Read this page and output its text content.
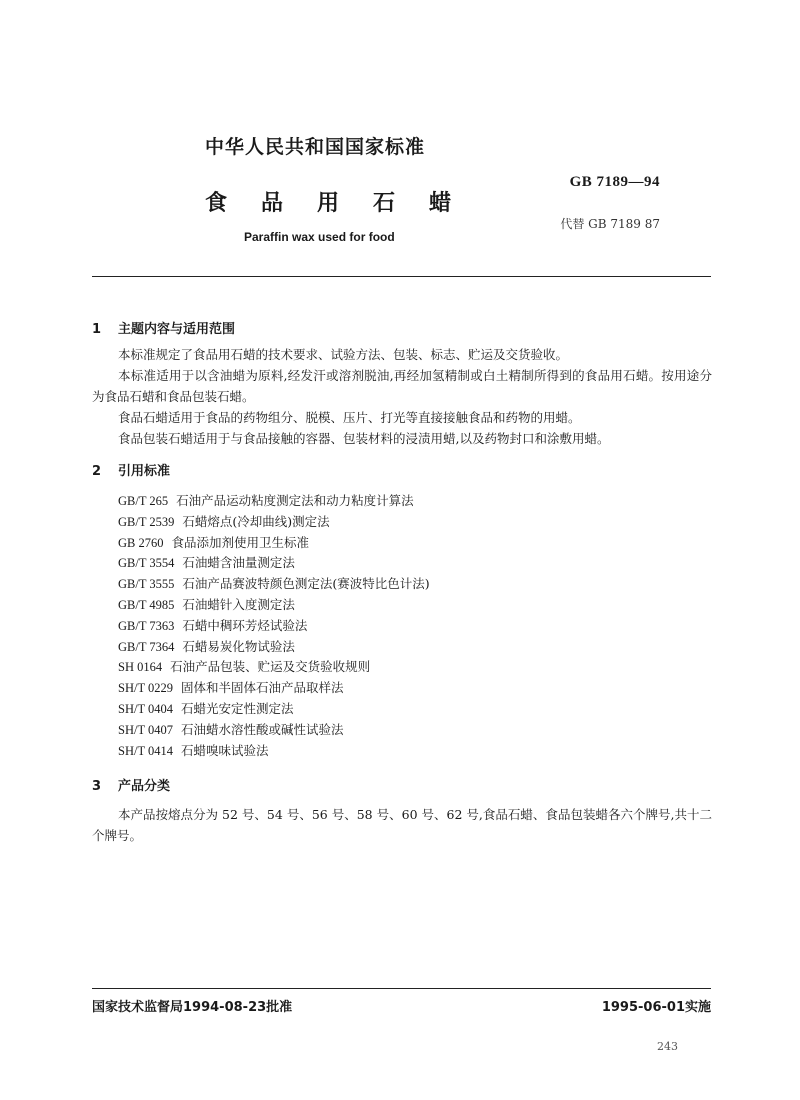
中华人民共和国国家标准
GB 7189—94
食品用石蜡
代替 GB 7189 87
Paraffin wax used for food
1 主题内容与适用范围

本标准规定了食品用石蜡的技术要求、试验方法、包装、标志、贮运及交货验收。

本标准适用于以含油蜡为原料,经发汗或溶剂脱油,再经加氢精制或白土精制所得到的食品用石蜡。按用途分为食品石蜡和食品包装石蜡。

食品石蜡适用于食品的药物组分、脱模、压片、打光等直接接触食品和药物的用蜡。

食品包装石蜡适用于与食品接触的容器、包装材料的浸渍用蜡,以及药物封口和涂敷用蜡。

2 引用标准
GB/T 265 石油产品运动粘度测定法和动力粘度计算法
GB/T 2539 石蜡熔点(冷却曲线)测定法
GB 2760 食品添加剂使用卫生标准
GB/T 3554 石油蜡含油量测定法
GB/T 3555 石油产品赛波特颜色测定法(赛波特比色计法)
GB/T 4985 石油蜡针入度测定法
GB/T 7363 石蜡中稠环芳烃试验法
GB/T 7364 石蜡易炭化物试验法
SH 0164 石油产品包装、贮运及交货验收规则
SH/T 0229 固体和半固体石油产品取样法
SH/T 0404 石蜡光安定性测定法
SH/T 0407 石油蜡水溶性酸或碱性试验法
SH/T 0414 石蜡嗅味试验法
3 产品分类

本产品按熔点分为 52 号、54 号、56 号、58 号、60 号、62 号,食品石蜡、食品包装蜡各六个牌号,共十二个牌号。

国家技术监督局1994-08-23批准	1995-06-01实施
243
